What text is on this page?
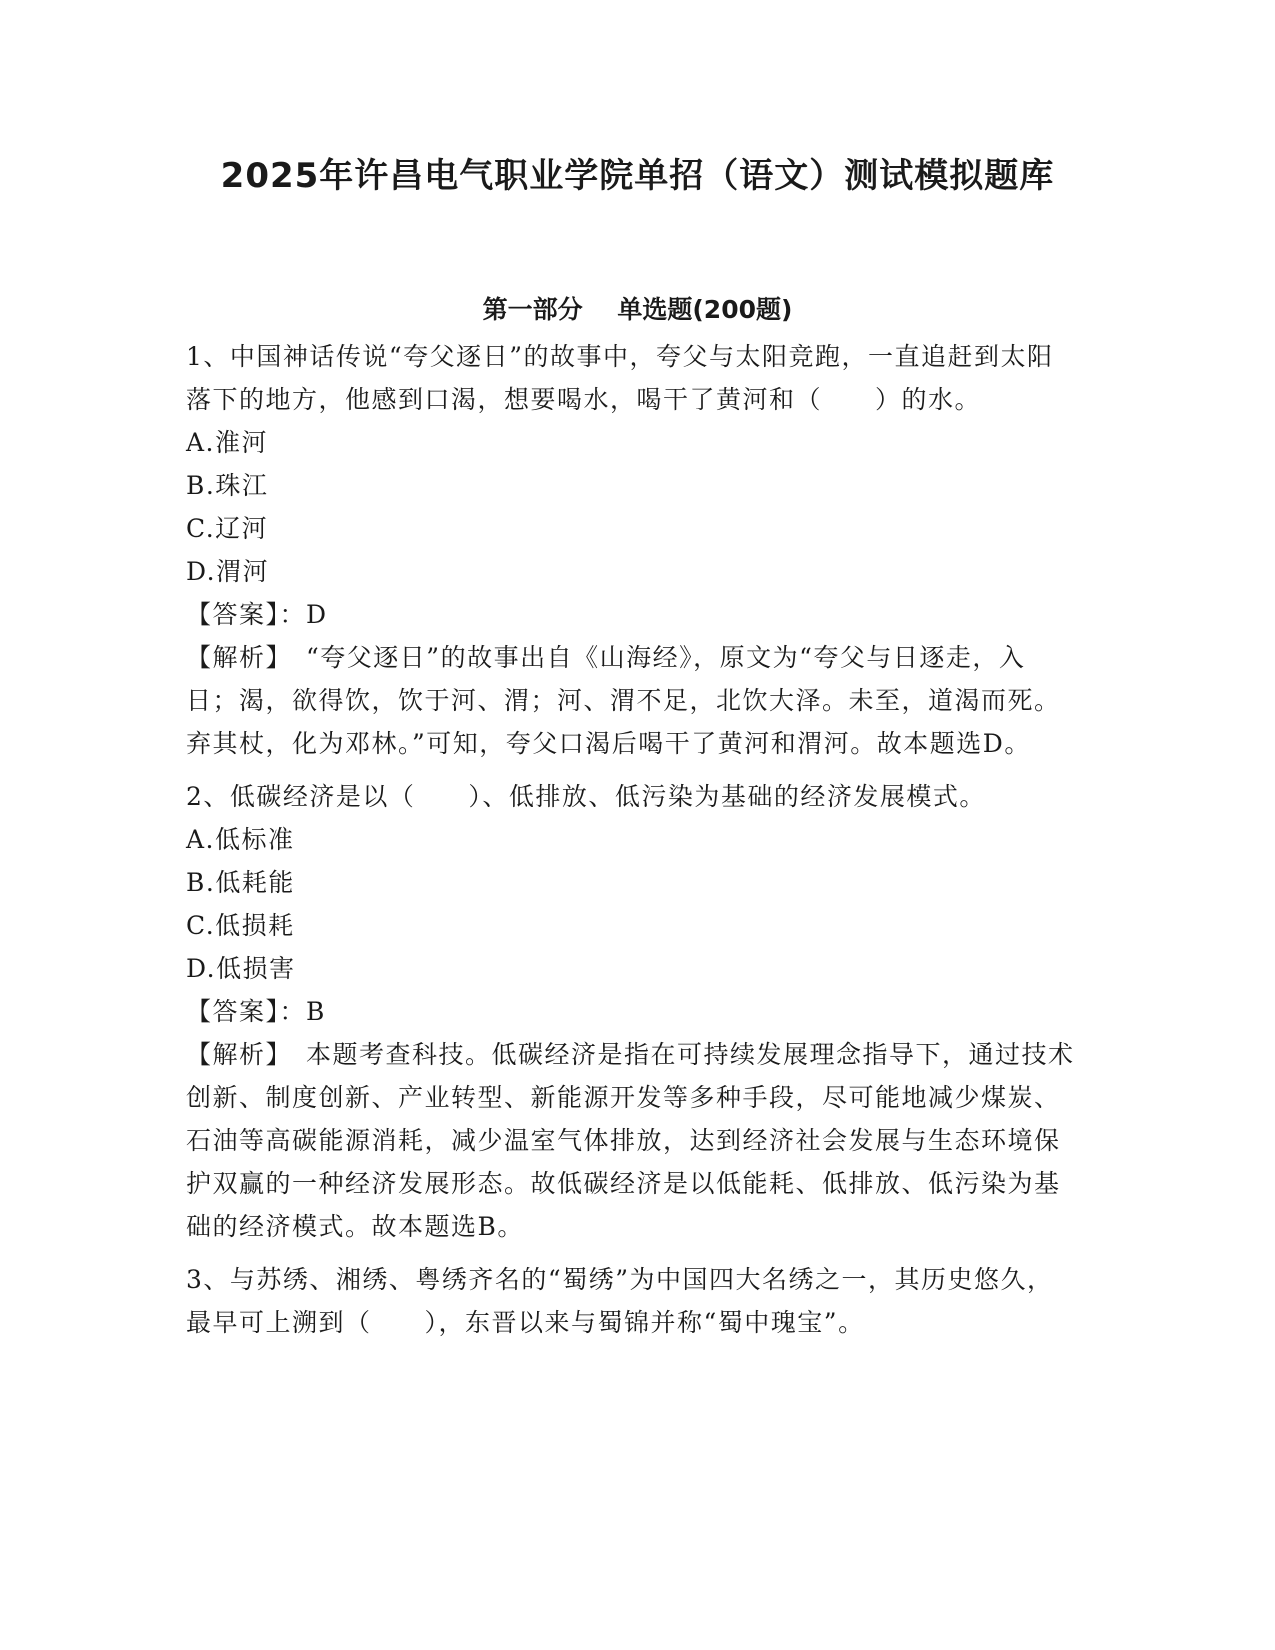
2025年许昌电气职业学院单招（语文）测试模拟题库
第一部分    单选题(200题)

1、中国神话传说“夸父逐日”的故事中，夸父与太阳竞跑，一直追赶到太阳落下的地方，他感到口渴，想要喝水，喝干了黄河和（　　）的水。

A.淮河

B.珠江

C.辽河

D.渭河

【答案】：D

【解析】　“夸父逐日”的故事出自《山海经》，原文为“夸父与日逐走，入日；渴，欲得饮，饮于河、渭；河、渭不足，北饮大泽。未至，道渴而死。弃其杖，化为邓林。”可知，夸父口渴后喝干了黄河和渭河。故本题选D。

2、低碳经济是以（　　）、低排放、低污染为基础的经济发展模式。

A.低标准

B.低耗能

C.低损耗

D.低损害

【答案】：B

【解析】　本题考查科技。低碳经济是指在可持续发展理念指导下，通过技术创新、制度创新、产业转型、新能源开发等多种手段，尽可能地减少煤炭、石油等高碳能源消耗，减少温室气体排放，达到经济社会发展与生态环境保护双赢的一种经济发展形态。故低碳经济是以低能耗、低排放、低污染为基础的经济模式。故本题选B。

3、与苏绣、湘绣、粤绣齐名的“蜀绣”为中国四大名绣之一，其历史悠久，最早可上溯到（　　），东晋以来与蜀锦并称“蜀中瑰宝”。
